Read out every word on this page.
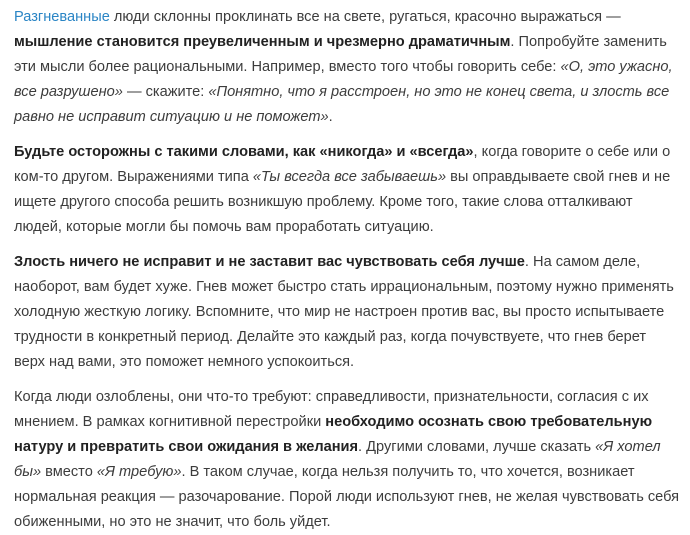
Разгневанные люди склонны проклинать все на свете, ругаться, красочно выражаться — мышление становится преувеличенным и чрезмерно драматичным. Попробуйте заменить эти мысли более рациональными. Например, вместо того чтобы говорить себе: «О, это ужасно, все разрушено» — скажите: «Понятно, что я расстроен, но это не конец света, и злость все равно не исправит ситуацию и не поможет».

Будьте осторожны с такими словами, как «никогда» и «всегда», когда говорите о себе или о ком-то другом. Выражениями типа «Ты всегда все забываешь» вы оправдываете свой гнев и не ищете другого способа решить возникшую проблему. Кроме того, такие слова отталкивают людей, которые могли бы помочь вам проработать ситуацию.

Злость ничего не исправит и не заставит вас чувствовать себя лучше. На самом деле, наоборот, вам будет хуже. Гнев может быстро стать иррациональным, поэтому нужно применять холодную жесткую логику. Вспомните, что мир не настроен против вас, вы просто испытываете трудности в конкретный период. Делайте это каждый раз, когда почувствуете, что гнев берет верх над вами, это поможет немного успокоиться.

Когда люди озлоблены, они что-то требуют: справедливости, признательности, согласия с их мнением. В рамках когнитивной перестройки необходимо осознать свою требовательную натуру и превратить свои ожидания в желания. Другими словами, лучше сказать «Я хотел бы» вместо «Я требую». В таком случае, когда нельзя получить то, что хочется, возникает нормальная реакция — разочарование. Порой люди используют гнев, не желая чувствовать себя обиженными, но это не значит, что боль уйдет.
